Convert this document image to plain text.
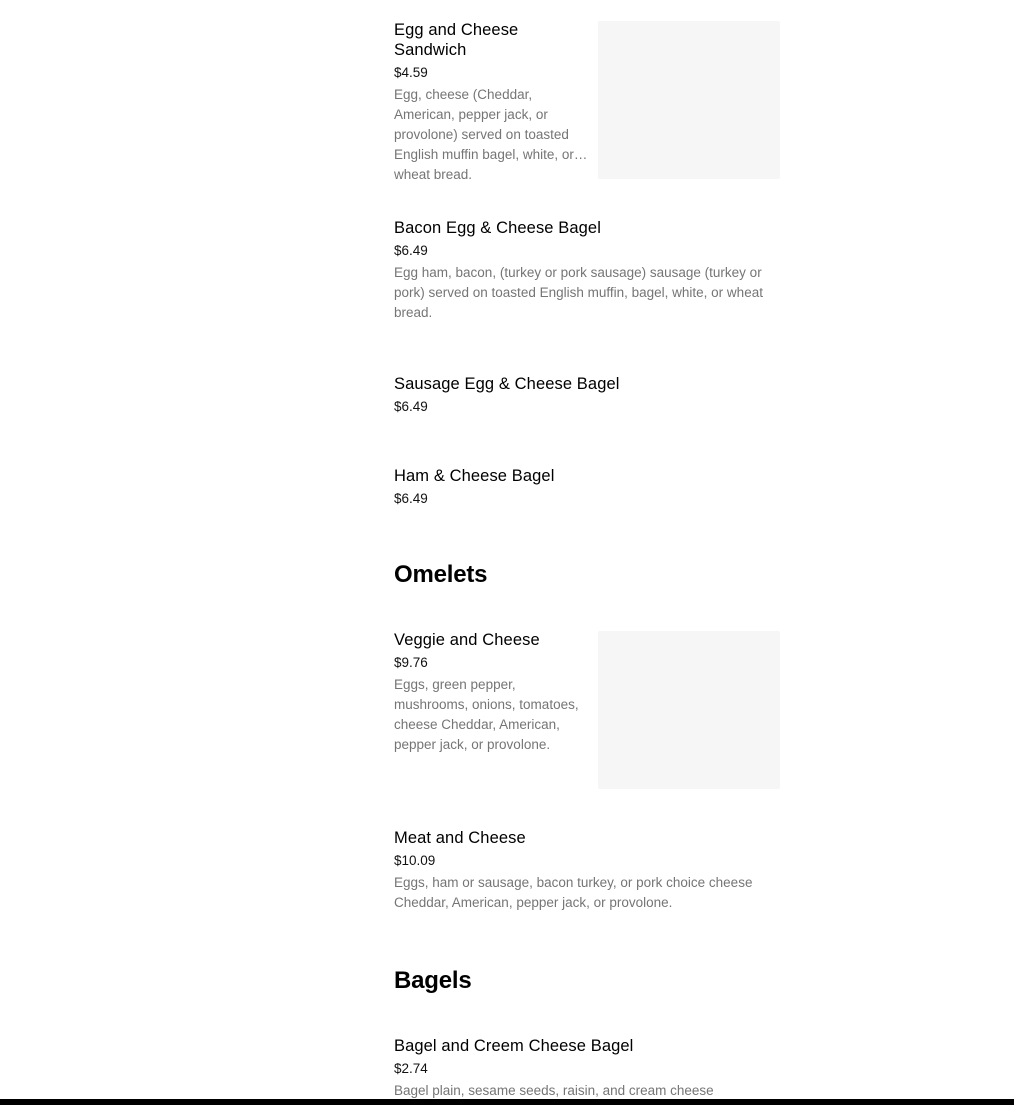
Egg and Cheese Sandwich
$4.59
Egg, cheese (Cheddar, American, pepper jack, or provolone) served on toasted English muffin bagel, white, or wheat bread.
Bacon Egg & Cheese Bagel
$6.49
Egg ham, bacon, (turkey or pork sausage) sausage (turkey or pork) served on toasted English muffin, bagel, white, or wheat bread.
Sausage Egg & Cheese Bagel
$6.49
Ham & Cheese Bagel
$6.49
Omelets
Veggie and Cheese
$9.76
Eggs, green pepper, mushrooms, onions, tomatoes, cheese Cheddar, American, pepper jack, or provolone.
Meat and Cheese
$10.09
Eggs, ham or sausage, bacon turkey, or pork choice cheese Cheddar, American, pepper jack, or provolone.
Bagels
Bagel and Creem Cheese Bagel
$2.74
Bagel plain, sesame seeds, raisin, and cream cheese
